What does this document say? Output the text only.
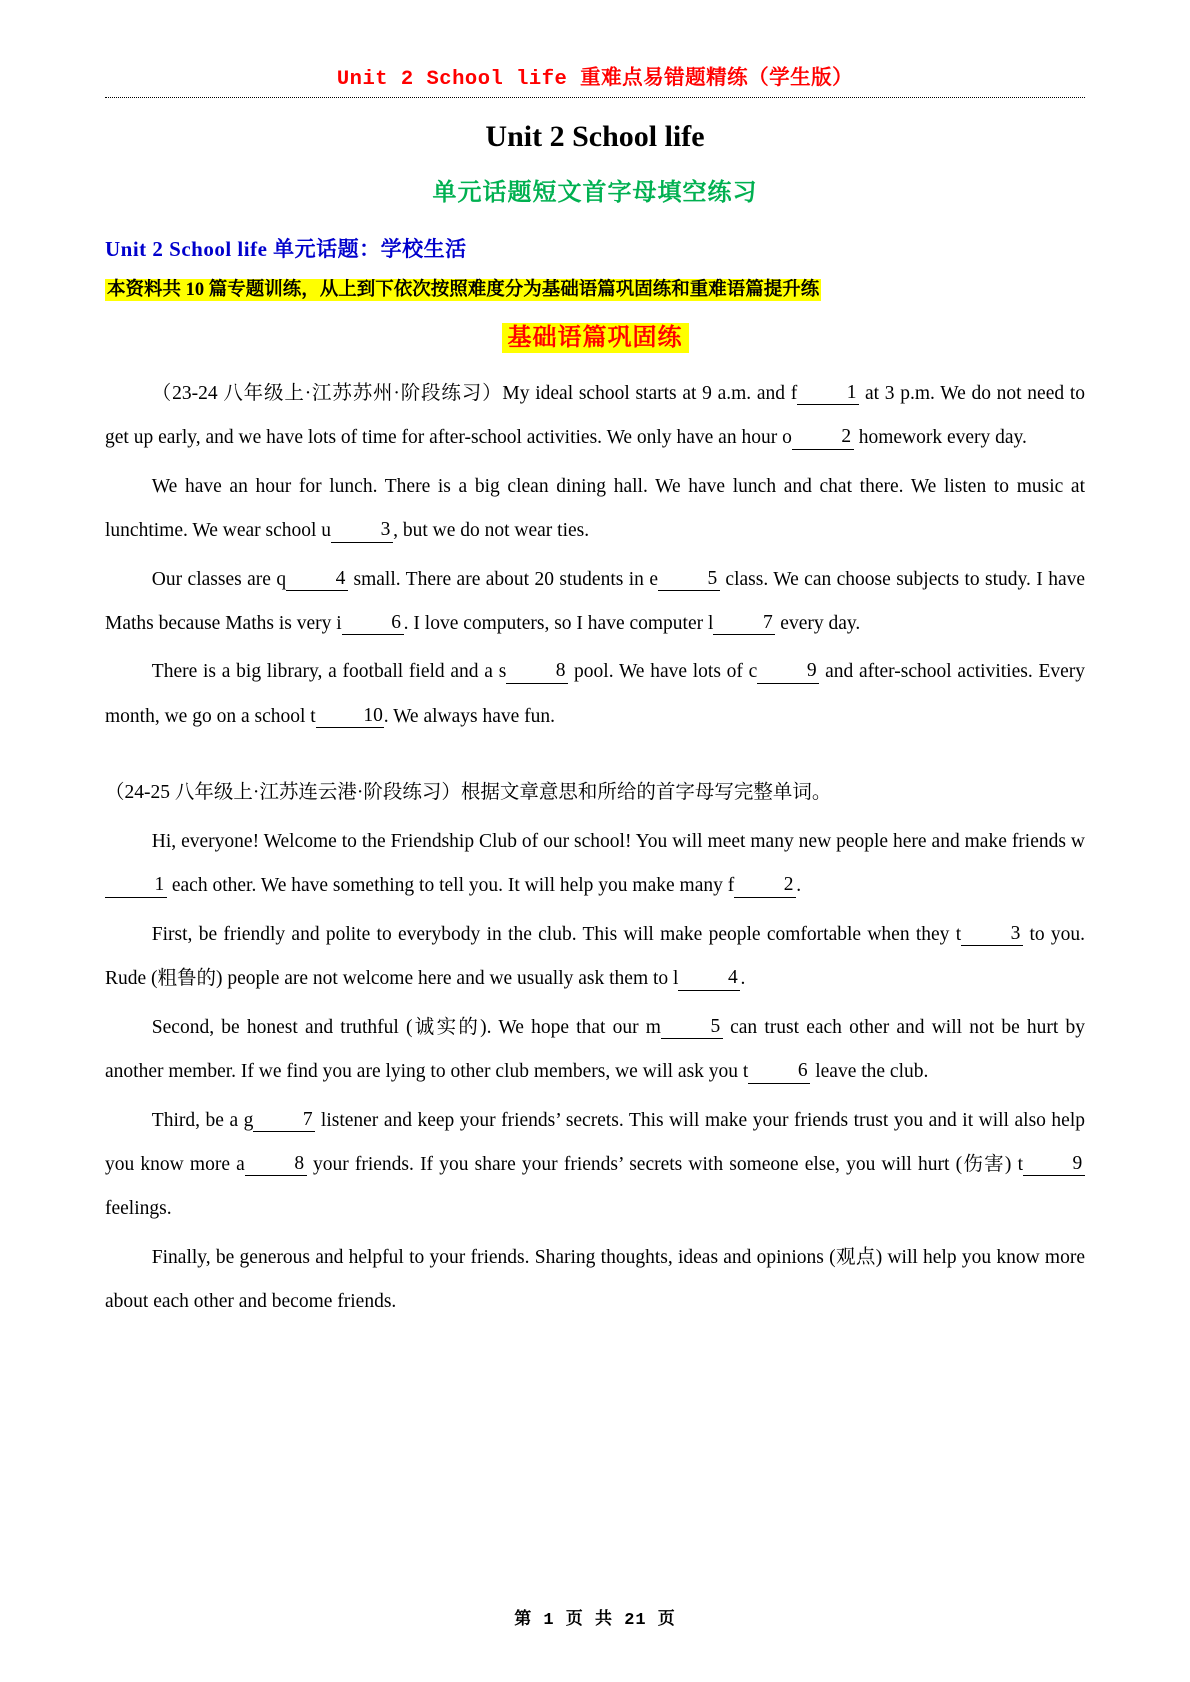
Unit 2 School life 重难点易错题精练（学生版）
Unit 2 School life
单元话题短文首字母填空练习
Unit 2 School life 单元话题：学校生活
本资料共 10 篇专题训练，从上到下依次按照难度分为基础语篇巩固练和重难语篇提升练
基础语篇巩固练

（23-24 八年级上·江苏苏州·阶段练习）My ideal school starts at 9 a.m. and f	1 at 3 p.m. We do not need to get up early, and we have lots of time for after-school activities. We only have an hour o	2 homework every day.

We have an hour for lunch. There is a big clean dining hall. We have lunch and chat there. We listen to music at lunchtime. We wear school u	3 , but we do not wear ties.

Our classes are q	4 small. There are about 20 students in e	5 class. We can choose subjects to study. I have Maths because Maths is very i	6 . I love computers, so I have computer l	7 every day.

There is a big library, a football field and a s	8 pool. We have lots of c	9 and after-school activities. Every month, we go on a school t 10. We always have fun.

（24-25 八年级上·江苏连云港·阶段练习）根据文章意思和所给的首字母写完整单词。

Hi, everyone! Welcome to the Friendship Club of our school! You will meet many new people here and make friends w1 each other. We have something to tell you. It will help you make many f	2 .

First, be friendly and polite to everybody in the club. This will make people comfortable when they t	3 to you. Rude (粗鲁的) people are not welcome here and we usually ask them to l	4 .

Second, be honest and truthful (诚实的). We hope that our m	5 can trust each other and will not be hurt by another member. If we find you are lying to other club members, we will ask you t	6 leave the club.

Third, be a g	7 listener and keep your friends’ secrets. This will make your friends trust you and it will also help you know more a	8 your friends. If you share your friends’ secrets with someone else, you will hurt (伤害) t	9 feelings.

Finally, be generous and helpful to your friends. Sharing thoughts, ideas and opinions (观点) will help you know more about each other and become friends.

第 1 页 共 21 页
